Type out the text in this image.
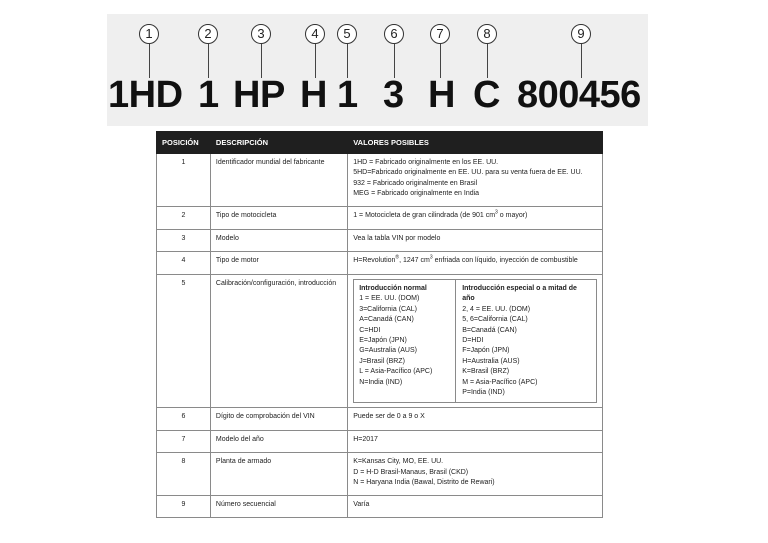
1	2	3	4	5	6	7	8	9
1HD 1 HP H 1 3 H C 800456
POSICIÓN	DESCRIPCIÓN	VALORES POSIBLES
1	Identificador mundial del fabricante	1HD = Fabricado originalmente en los EE. UU.
5HD=Fabricado originalmente en EE. UU. para su venta fuera de EE. UU.
932 = Fabricado originalmente en Brasil
MEG = Fabricado originalmente en India

2	Tipo de motocicleta	1 = Motocicleta de gran cilindrada (de 901 $cm^3$ o mayor)
3	Modelo	Vea la tabla VIN por modelo
4	Tipo de motor	H=Revolution®, 1247 $cm^3$ enfriada con líquido, inyección de combustible
5	Calibración/configuración, introducción	
Introducción normal
1 = EE. UU. (DOM)
3=California (CAL)
A=Canadá (CAN)
C=HDI
E=Japón (JPN)
G=Australia (AUS)
J=Brasil (BRZ)
L = Asia-Pacífico (APC)
N=India (IND)

Introducción especial o a mitad de año
2, 4 = EE. UU. (DOM)
5, 6=California (CAL)
B=Canadá (CAN)
D=HDI
F=Japón (JPN)
H=Australia (AUS)
K=Brasil (BRZ)
M = Asia-Pacífico (APC)
P=India (IND)

6	Dígito de comprobación del VIN	Puede ser de 0 a 9 o X
7	Modelo del año	H=2017
8	Planta de armado	K=Kansas City, MO, EE. UU.
D = H-D Brasil-Manaus, Brasil (CKD)
N = Haryana India (Bawal, Distrito de Rewari)

9	Número secuencial	Varía
